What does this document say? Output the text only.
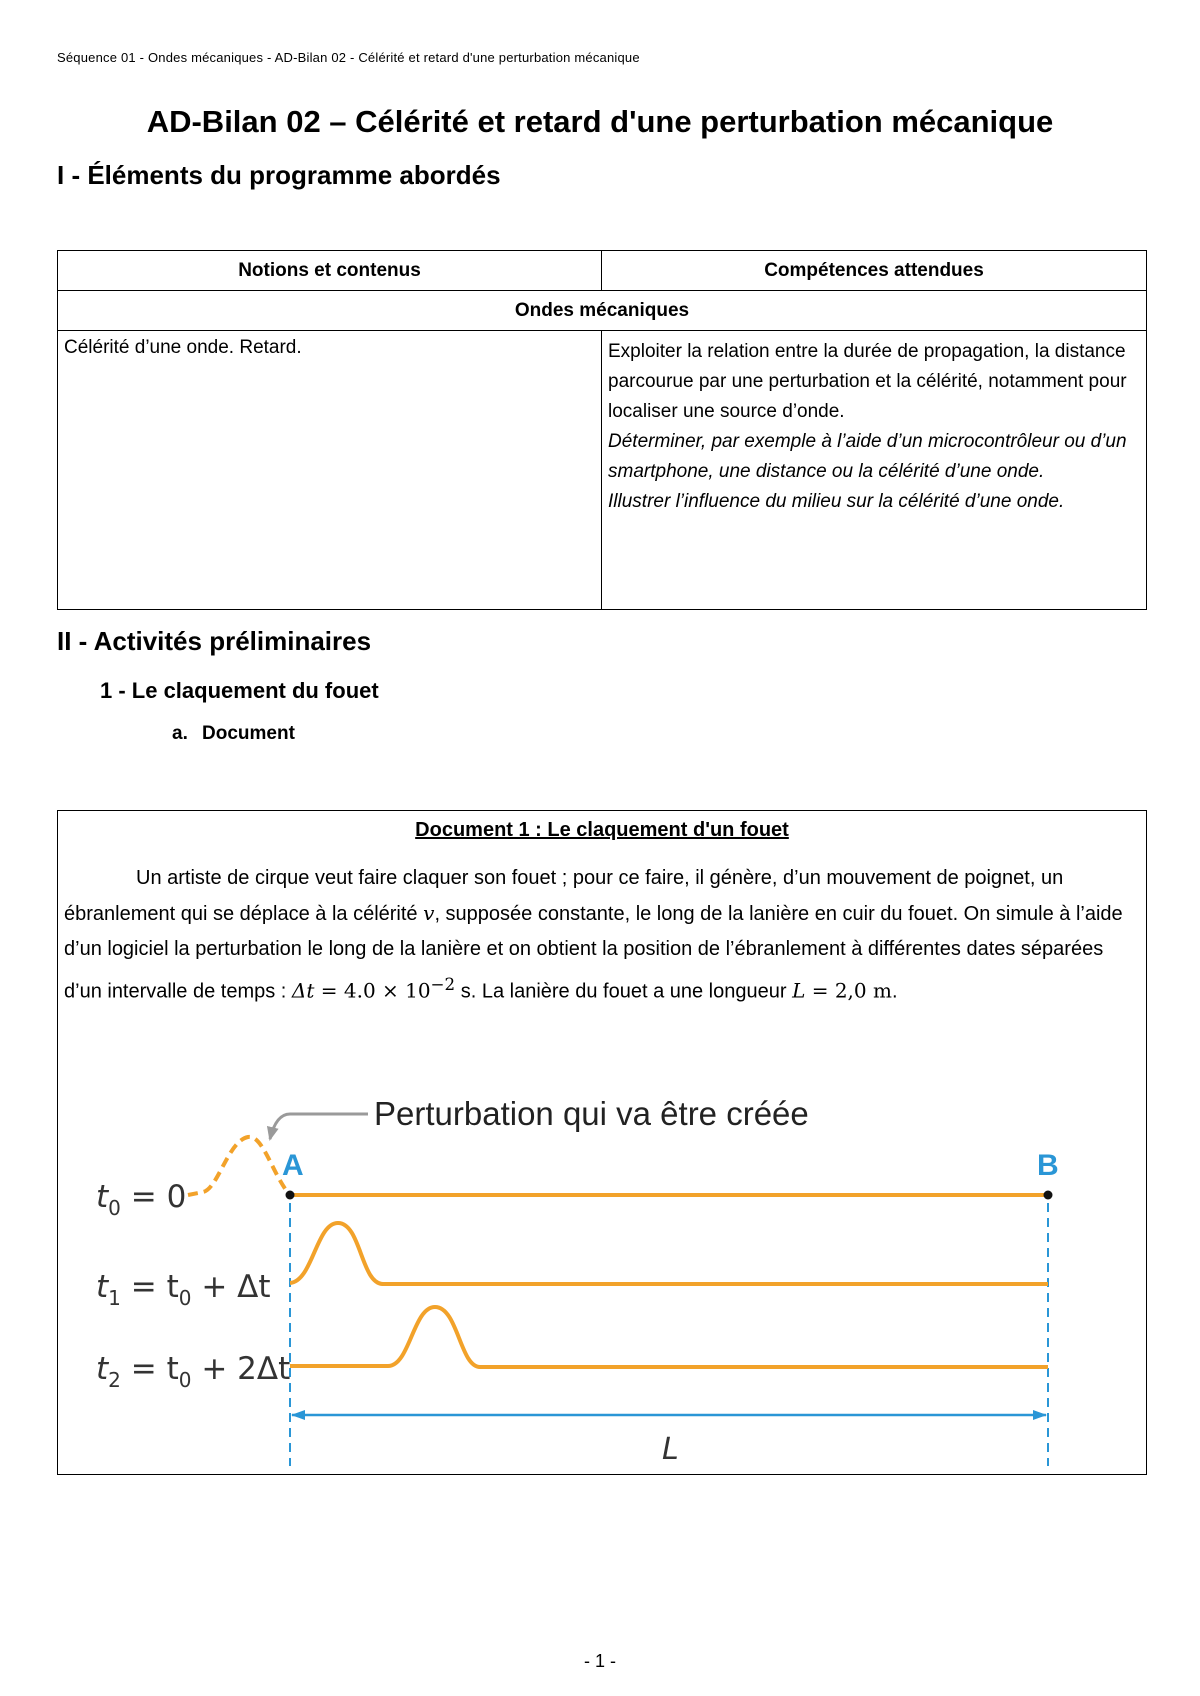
Séquence 01 - Ondes mécaniques - AD-Bilan 02 - Célérité et retard d'une perturbation mécanique
AD-Bilan 02 – Célérité et retard d'une perturbation mécanique
I - Éléments du programme abordés
Notions et contenus	Compétences attendues
Ondes mécaniques	
Célérité d’une onde. Retard.	Exploiter la relation entre la durée de propagation, la distance parcourue par une perturbation et la célérité, notamment pour localiser une source d’onde.

Déterminer, par exemple à l’aide d’un microcontrôleur ou d’un smartphone, une distance ou la célérité d’une onde.

Illustrer l’influence du milieu sur la célérité d’une onde.

II - Activités préliminaires
1 - Le claquement du fouet
a. Document
Document 1 : Le claquement d'un fouet

Un artiste de cirque veut faire claquer son fouet ; pour ce faire, il génère, d’un mouvement de poignet, un ébranlement qui se déplace à la célérité v, supposée constante, le long de la lanière en cuir du fouet. On simule à l’aide d’un logiciel la perturbation le long de la lanière et on obtient la position de l’ébranlement à différentes dates séparées d’un intervalle de temps : $\Delta t = 4.0 \times 10^{-2}$ s. La lanière du fouet a une longueur L = 2,0 m.

Perturbation qui va être créée
A	B
$t_0 = 0$
$t_1 = t_0 + \Delta t$
$t_2 = t_0 + 2\Delta t$
L
- 1 -
